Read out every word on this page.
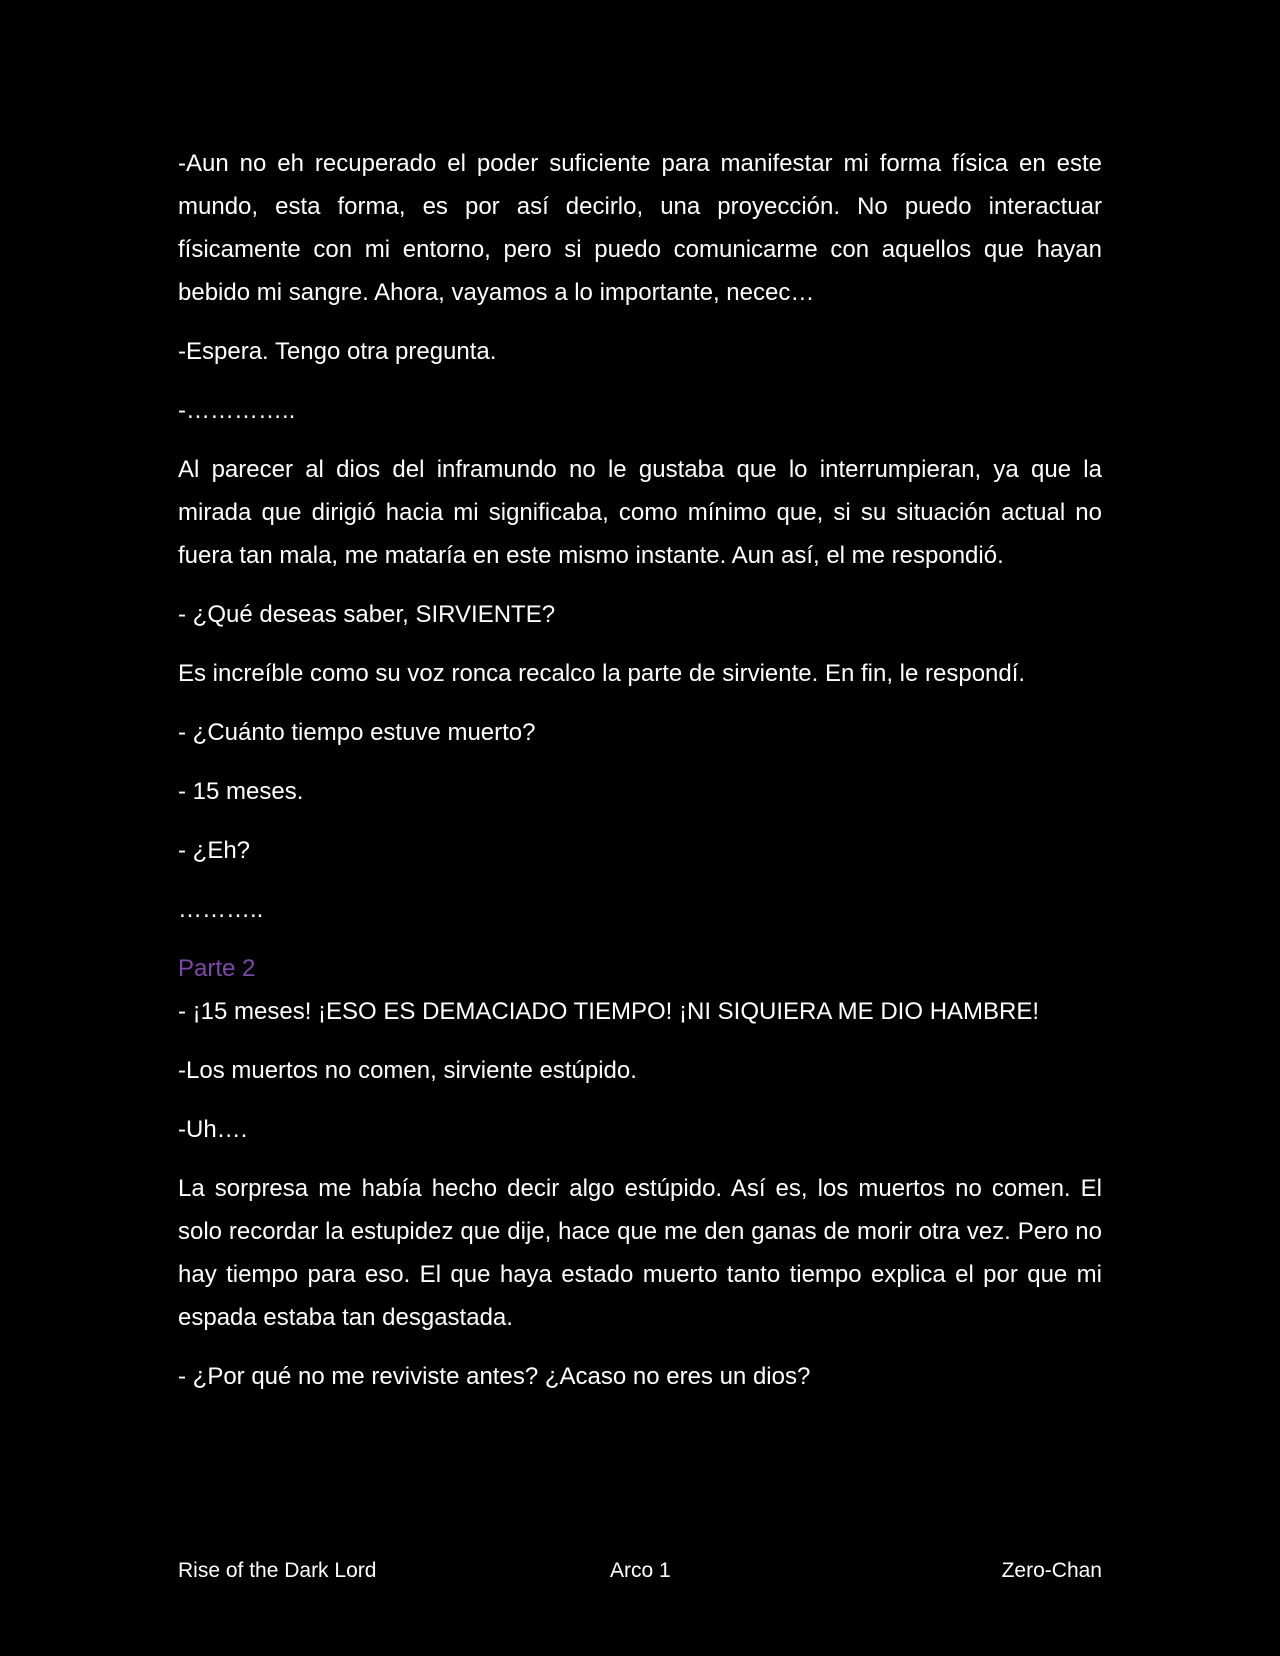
-Aun no eh recuperado el poder suficiente para manifestar mi forma física en este mundo, esta forma, es por así decirlo, una proyección. No puedo interactuar físicamente con mi entorno, pero si puedo comunicarme con aquellos que hayan bebido mi sangre. Ahora, vayamos a lo importante, necec…

-Espera. Tengo otra pregunta.

-…………..

Al parecer al dios del inframundo no le gustaba que lo interrumpieran, ya que la mirada que dirigió hacia mi significaba, como mínimo que, si su situación actual no fuera tan mala, me mataría en este mismo instante. Aun así, el me respondió.

- ¿Qué deseas saber, SIRVIENTE?

Es increíble como su voz ronca recalco la parte de sirviente. En fin, le respondí.

- ¿Cuánto tiempo estuve muerto?

- 15 meses.

- ¿Eh?

………..

Parte 2

- ¡15 meses! ¡ESO ES DEMACIADO TIEMPO! ¡NI SIQUIERA ME DIO HAMBRE!

-Los muertos no comen, sirviente estúpido.

-Uh….

La sorpresa me había hecho decir algo estúpido. Así es, los muertos no comen. El solo recordar la estupidez que dije, hace que me den ganas de morir otra vez. Pero no hay tiempo para eso. El que haya estado muerto tanto tiempo explica el por que mi espada estaba tan desgastada.

- ¿Por qué no me reviviste antes? ¿Acaso no eres un dios?

Rise of the Dark Lord	Arco 1	Zero-Chan
